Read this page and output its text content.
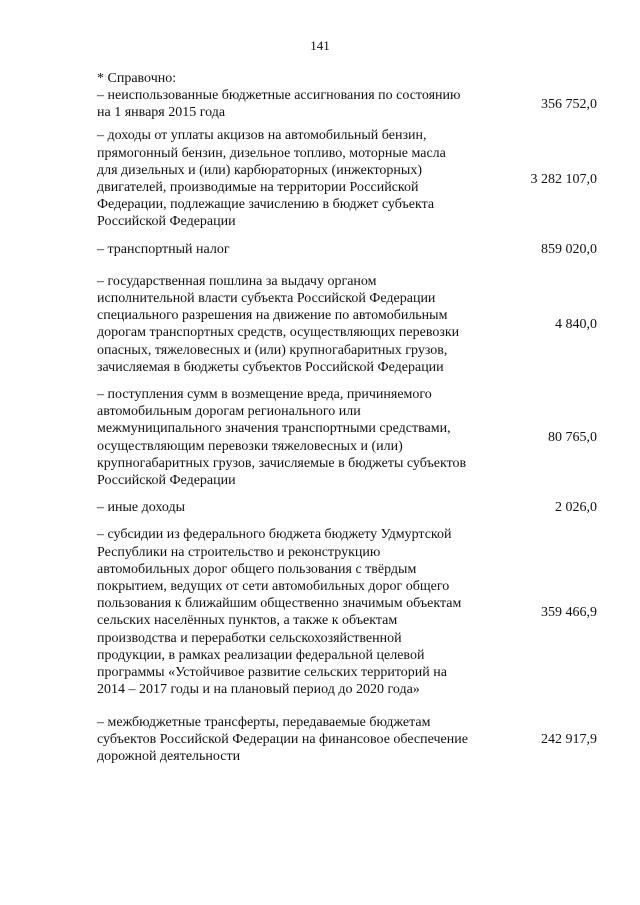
141
* Справочно:
– неиспользованные бюджетные ассигнования по состоянию на 1 января 2015 года
356 752,0
– доходы от уплаты акцизов на автомобильный бензин, прямогонный бензин, дизельное топливо, моторные масла для дизельных и (или) карбюраторных (инжекторных) двигателей, производимые на территории Российской Федерации, подлежащие зачислению в бюджет субъекта Российской Федерации
3 282 107,0
– транспортный налог	859 020,0
– государственная пошлина за выдачу органом исполнительной власти субъекта Российской Федерации специального разрешения на движение по автомобильным дорогам транспортных средств, осуществляющих перевозки опасных, тяжеловесных и (или) крупногабаритных грузов, зачисляемая в бюджеты субъектов Российской Федерации
4 840,0
– поступления сумм в возмещение вреда, причиняемого автомобильным дорогам регионального или межмуниципального значения транспортными средствами, осуществляющим перевозки тяжеловесных и (или) крупногабаритных грузов, зачисляемые в бюджеты субъектов Российской Федерации
80 765,0
– иные доходы	2 026,0
– субсидии из федерального бюджета бюджету Удмуртской Республики на строительство и реконструкцию автомобильных дорог общего пользования с твёрдым покрытием, ведущих от сети автомобильных дорог общего пользования к ближайшим общественно значимым объектам сельских населённых пунктов, а также к объектам производства и переработки сельскохозяйственной продукции, в рамках реализации федеральной целевой программы «Устойчивое развитие сельских территорий на 2014 – 2017 годы и на плановый период до 2020 года»
359 466,9
– межбюджетные трансферты, передаваемые бюджетам субъектов Российской Федерации на финансовое обеспечение дорожной деятельности
242 917,9
